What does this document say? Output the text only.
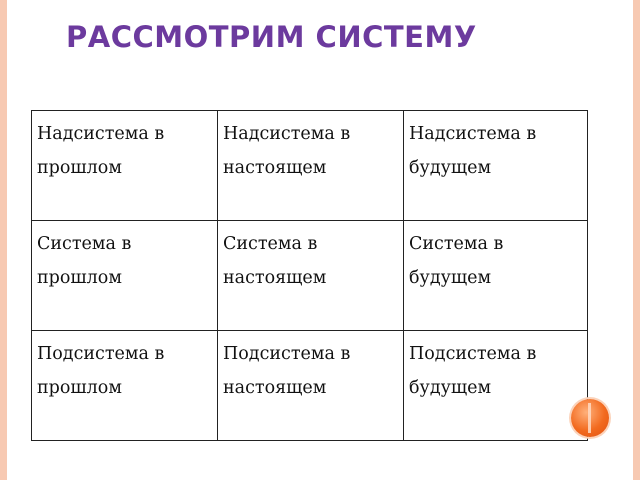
РАССМОТРИМ СИСТЕМУ
Надсистема в прошлом	Надсистема в настоящем	Надсистема в будущем
Система в прошлом	Система в настоящем	Система в будущем
Подсистема в прошлом	Подсистема в настоящем	Подсистема в будущем
